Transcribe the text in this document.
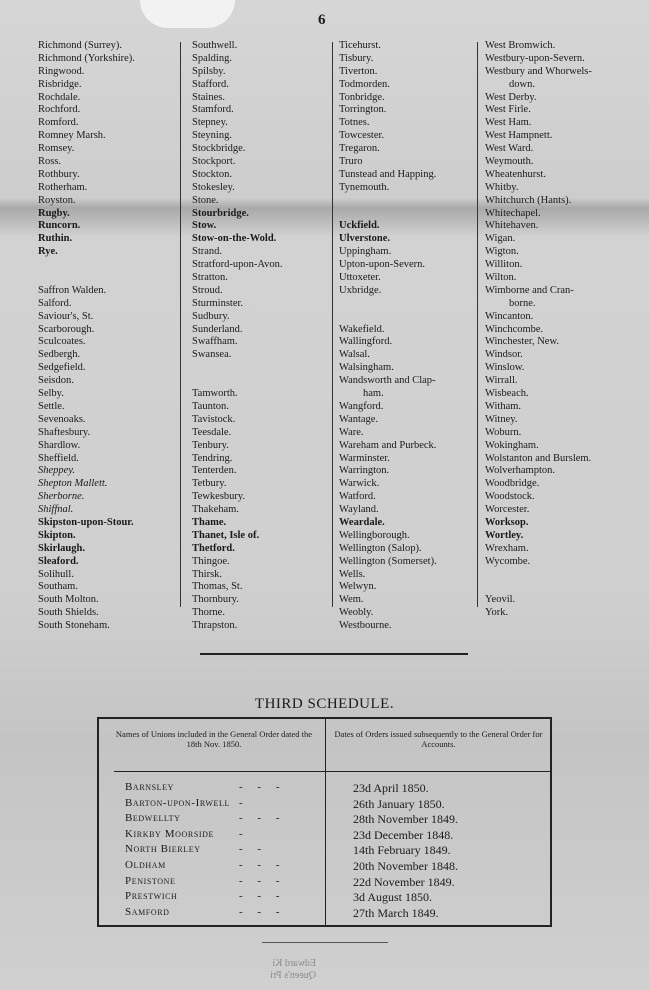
6
Richmond (Surrey).
Richmond (Yorkshire).
Ringwood.
Risbridge.
Rochdale.
Rochford.
Romford.
Romney Marsh.
Romsey.
Ross.
Rothbury.
Rotherham.
Royston.
Rugby.
Runcorn.
Ruthin.
Rye.
Saffron Walden.
Salford.
Saviour's, St.
Scarborough.
Sculcoates.
Sedbergh.
Sedgefield.
Seisdon.
Selby.
Settle.
Sevenoaks.
Shaftesbury.
Shardlow.
Sheffield.
Sheppey.
Shepton Mallett.
Sherborne.
Shiffnal.
Skipston-upon-Stour.
Skipton.
Skirlaugh.
Sleaford.
Solihull.
Southam.
South Molton.
South Shields.
South Stoneham.
Southwell.
Spalding.
Spilsby.
Stafford.
Staines.
Stamford.
Stepney.
Steyning.
Stockbridge.
Stockport.
Stockton.
Stokesley.
Stone.
Stourbridge.
Stow.
Stow-on-the-Wold.
Strand.
Stratford-upon-Avon.
Stratton.
Stroud.
Sturminster.
Sudbury.
Sunderland.
Swaffham.
Swansea.
Tamworth.
Taunton.
Tavistock.
Teesdale.
Tenbury.
Tendring.
Tenterden.
Tetbury.
Tewkesbury.
Thakeham.
Thame.
Thanet, Isle of.
Thetford.
Thingoe.
Thirsk.
Thomas, St.
Thornbury.
Thorne.
Thrapston.
Ticehurst.
Tisbury.
Tiverton.
Todmorden.
Tonbridge.
Torrington.
Totnes.
Towcester.
Tregaron.
Truro
Tunstead and Happing.
Tynemouth.
Uckfield.
Ulverstone.
Uppingham.
Upton-upon-Severn.
Uttoxeter.
Uxbridge.
Wakefield.
Wallingford.
Walsal.
Walsingham.
Wandsworth and Clap-
ham.
Wangford.
Wantage.
Ware.
Wareham and Purbeck.
Warminster.
Warrington.
Warwick.
Watford.
Wayland.
Weardale.
Wellingborough.
Wellington (Salop).
Wellington (Somerset).
Wells.
Welwyn.
Wem.
Weobly.
Westbourne.
West Bromwich.
Westbury-upon-Severn.
Westbury and Whorwels-
down.
West Derby.
West Firle.
West Ham.
West Hampnett.
West Ward.
Weymouth.
Wheatenhurst.
Whitby.
Whitchurch (Hants).
Whitechapel.
Whitehaven.
Wigan.
Wigton.
Williton.
Wilton.
Wimborne and Cran-
borne.
Wincanton.
Winchcombe.
Winchester, New.
Windsor.
Winslow.
Wirrall.
Wisbeach.
Witham.
Witney.
Woburn.
Wokingham.
Wolstanton and Burslem.
Wolverhampton.
Woodbridge.
Woodstock.
Worcester.
Worksop.
Wortley.
Wrexham.
Wycombe.
Yeovil.
York.
THIRD SCHEDULE.
Names of Unions included in the General Order dated the 18th Nov. 1850.
Dates of Orders issued subsequently to the General Order for Accounts.
Barnsley	- - -	23d April 1850.
Barton-upon-Irwell -	26th January 1850.
Bedwellty	- - -	28th November 1849.
Kirkby Moorside -	23d December 1848.
North Bierley	- -	14th February 1849.
Oldham	- - -	20th November 1848.
Penistone	- - -	22d November 1849.
Prestwich	- - -	3d August 1850.
Samford	- - -	27th March 1849.
Edward Ki
Queen's Pri
